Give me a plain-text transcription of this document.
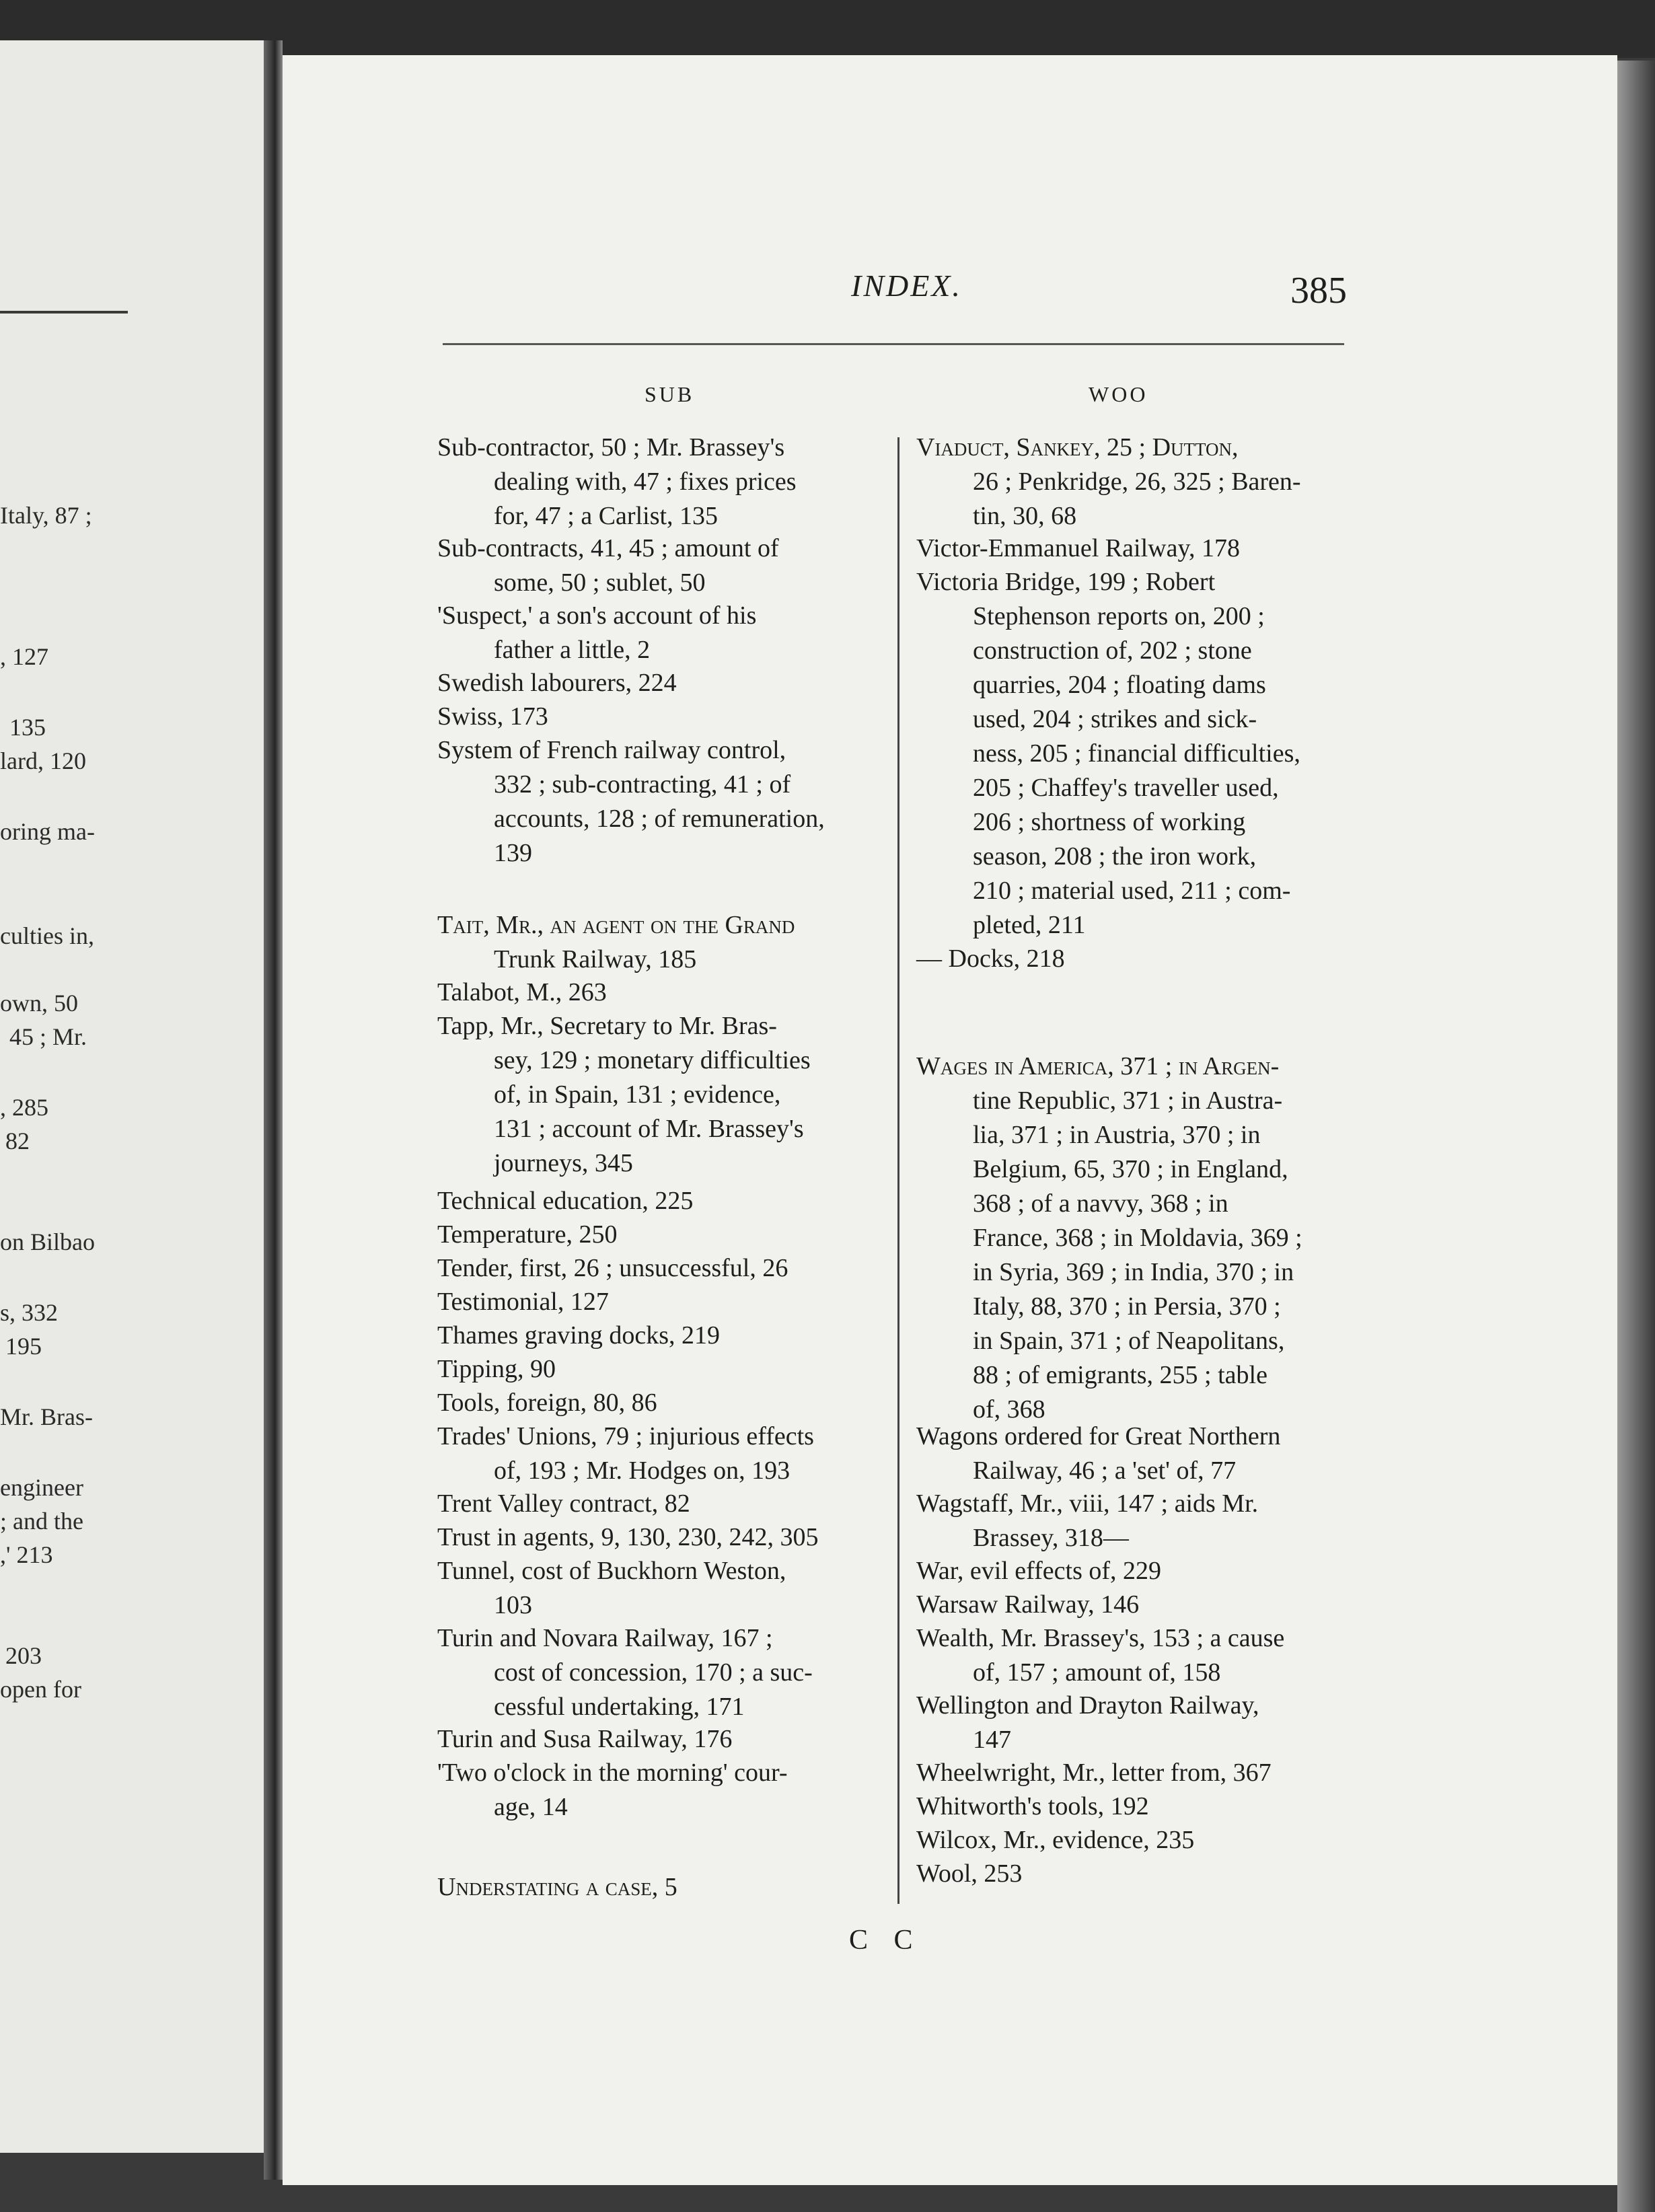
Italy, 87 ;
, 127
135
lard, 120
oring ma-
culties in,
own, 50
45 ; Mr.
, 285
82
on Bilbao
s, 332
195
Mr. Bras-
engineer
; and the
,' 213
203
open for
INDEX.	385
SUB	WOO
Sub-contractor, 50 ; Mr. Brassey's
dealing with, 47 ; fixes prices
for, 47 ; a Carlist, 135
Sub-contracts, 41, 45 ; amount of
some, 50 ; sublet, 50
'Suspect,' a son's account of his
father a little, 2
Swedish labourers, 224
Swiss, 173
System of French railway control,
332 ; sub-contracting, 41 ; of
accounts, 128 ; of remuneration,
139
Tait, Mr., an agent on the Grand
Trunk Railway, 185
Talabot, M., 263
Tapp, Mr., Secretary to Mr. Bras-
sey, 129 ; monetary difficulties
of, in Spain, 131 ; evidence,
131 ; account of Mr. Brassey's
journeys, 345
Technical education, 225
Temperature, 250
Tender, first, 26 ; unsuccessful, 26
Testimonial, 127
Thames graving docks, 219
Tipping, 90
Tools, foreign, 80, 86
Trades' Unions, 79 ; injurious effects
of, 193 ; Mr. Hodges on, 193
Trent Valley contract, 82
Trust in agents, 9, 130, 230, 242, 305
Tunnel, cost of Buckhorn Weston,
103
Turin and Novara Railway, 167 ;
cost of concession, 170 ; a suc-
cessful undertaking, 171
Turin and Susa Railway, 176
'Two o'clock in the morning' cour-
age, 14
Understating a case, 5
Viaduct, Sankey, 25 ; Dutton,
26 ; Penkridge, 26, 325 ; Baren-
tin, 30, 68
Victor-Emmanuel Railway, 178
Victoria Bridge, 199 ; Robert
Stephenson reports on, 200 ;
construction of, 202 ; stone
quarries, 204 ; floating dams
used, 204 ; strikes and sick-
ness, 205 ; financial difficulties,
205 ; Chaffey's traveller used,
206 ; shortness of working
season, 208 ; the iron work,
210 ; material used, 211 ; com-
pleted, 211
— Docks, 218
Wages in America, 371 ; in Argen-
tine Republic, 371 ; in Austra-
lia, 371 ; in Austria, 370 ; in
Belgium, 65, 370 ; in England,
368 ; of a navvy, 368 ; in
France, 368 ; in Moldavia, 369 ;
in Syria, 369 ; in India, 370 ; in
Italy, 88, 370 ; in Persia, 370 ;
in Spain, 371 ; of Neapolitans,
88 ; of emigrants, 255 ; table
of, 368
Wagons ordered for Great Northern
Railway, 46 ; a 'set' of, 77
Wagstaff, Mr., viii, 147 ; aids Mr.
Brassey, 318—
War, evil effects of, 229
Warsaw Railway, 146
Wealth, Mr. Brassey's, 153 ; a cause
of, 157 ; amount of, 158
Wellington and Drayton Railway,
147
Wheelwright, Mr., letter from, 367
Whitworth's tools, 192
Wilcox, Mr., evidence, 235
Wool, 253
C C
